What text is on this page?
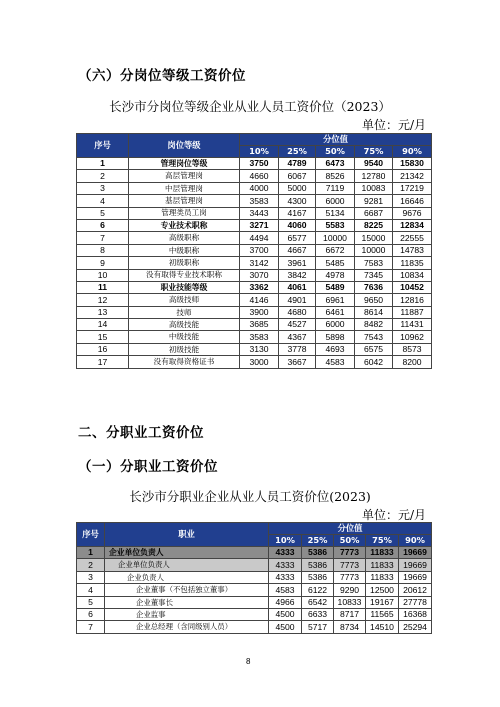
（六）分岗位等级工资价位
长沙市分岗位等级企业从业人员工资价位（2023）
单位：元/月
序号	岗位等级	分位值				
		10%	25%	50%	75%	90%
1	管理岗位等级	3750	4789	6473	9540	15830
2	高层管理岗	4660	6067	8526	12780	21342
3	中层管理岗	4000	5000	7119	10083	17219
4	基层管理岗	3583	4300	6000	9281	16646
5	管理类员工岗	3443	4167	5134	6687	9676
6	专业技术职称	3271	4060	5583	8225	12834
7	高级职称	4494	6577	10000	15000	22555
8	中级职称	3700	4667	6672	10000	14783
9	初级职称	3142	3961	5485	7583	11835
10	没有取得专业技术职称	3070	3842	4978	7345	10834
11	职业技能等级	3362	4061	5489	7636	10452
12	高级技师	4146	4901	6961	9650	12816
13	技师	3900	4680	6461	8614	11887
14	高级技能	3685	4527	6000	8482	11431
15	中级技能	3583	4367	5898	7543	10962
16	初级技能	3130	3778	4693	6575	8573
17	没有取得资格证书	3000	3667	4583	6042	8200
二、分职业工资价位
（一）分职业工资价位
长沙市分职业企业从业人员工资价位(2023)
单位：元/月
序号	职业	分位值				
		10%	25%	50%	75%	90%
1	企业单位负责人	4333	5386	7773	11833	19669
2	企业单位负责人	4333	5386	7773	11833	19669
3	企业负责人	4333	5386	7773	11833	19669
4	企业董事（不包括独立董事）	4583	6122	9290	12500	20612
5	企业董事长	4966	6542	10833	19167	27778
6	企业监事	4500	6633	8717	11565	16368
7	企业总经理（含同级别人员）	4500	5717	8734	14510	25294
8
